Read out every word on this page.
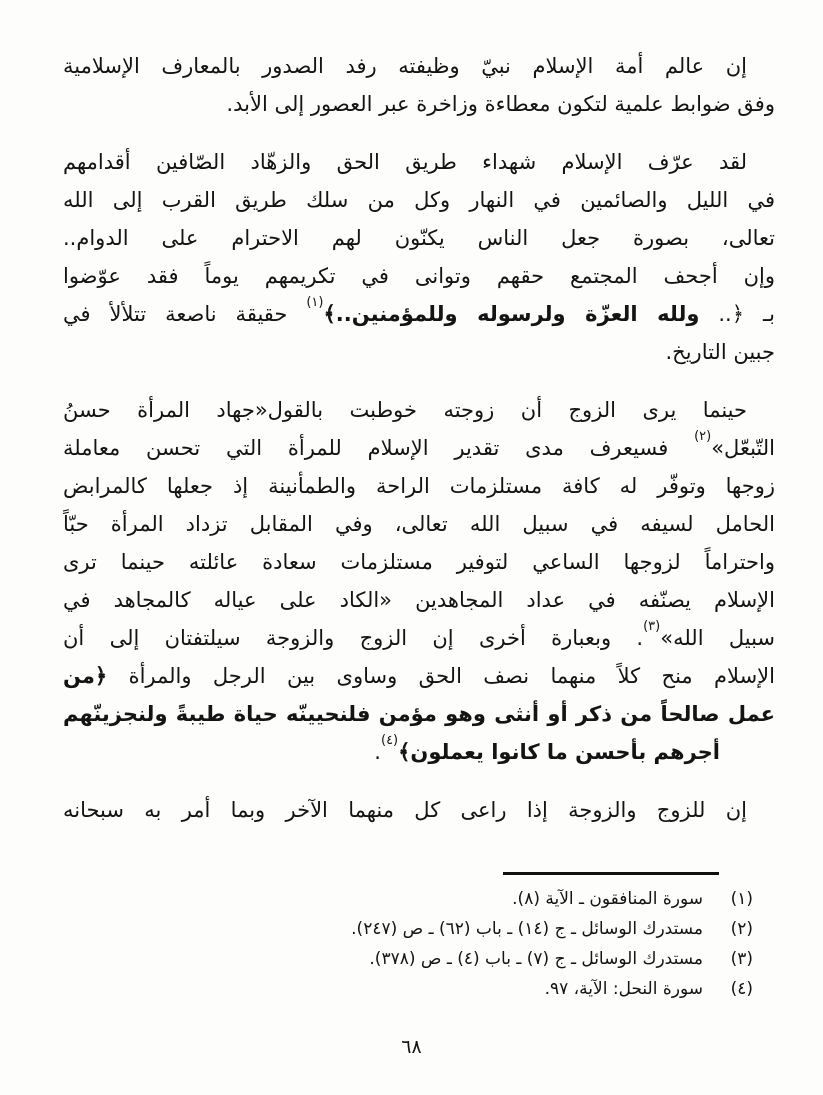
إن عالم أمة الإسلام نبيّ وظيفته رفد الصدور بالمعارف الإسلامية
وفق ضوابط علمية لتكون معطاءة وزاخرة عبر العصور إلى الأبد.
لقد عرّف الإسلام شهداء طريق الحق والزهّاد الصّافين أقدامهم
في الليل والصائمين في النهار وكل من سلك طريق القرب إلى الله
تعالى، بصورة جعل الناس يكنّون لهم الاحترام على الدوام..
وإن أجحف المجتمع حقهم وتوانى في تكريمهم يوماً فقد عوّضوا
بـ ﴿.. ولله العزّة ولرسوله وللمؤمنين..﴾$^{(١)}$ حقيقة ناصعة تتلألأ في
جبين التاريخ.
حينما يرى الزوج أن زوجته خوطبت بالقول«جهاد المرأة حسنُ
التّبعّل»$^{(٢)}$ فسيعرف مدى تقدير الإسلام للمرأة التي تحسن معاملة
زوجها وتوفّر له كافة مستلزمات الراحة والطمأنينة إذ جعلها كالمرابض
الحامل لسيفه في سبيل الله تعالى، وفي المقابل تزداد المرأة حبّاً
واحتراماً لزوجها الساعي لتوفير مستلزمات سعادة عائلته حينما ترى
الإسلام يصنّفه في عداد المجاهدين «الكاد على عياله كالمجاهد في
سبيل الله»$^{(٣)}$. وبعبارة أخرى إن الزوج والزوجة سيلتفتان إلى أن
الإسلام منح كلاً منهما نصف الحق وساوى بين الرجل والمرأة ﴿من
عمل صالحاً من ذكر أو أنثى وهو مؤمن فلنحيينّه حياة طيبةً ولنجزينّهم
أجرهم بأحسن ما كانوا يعملون﴾$^{(٤)}$.
إن للزوج والزوجة إذا راعى كل منهما الآخر وبما أمر به سبحانه
(١)
سورة المنافقون ـ الآية (٨).
(٢)
مستدرك الوسائل ـ ج (١٤) ـ باب (٦٢) ـ ص (٢٤٧).
(٣)
مستدرك الوسائل ـ ج (٧) ـ باب (٤) ـ ص (٣٧٨).
(٤)
سورة النحل: الآية، ٩٧.
٦٨
